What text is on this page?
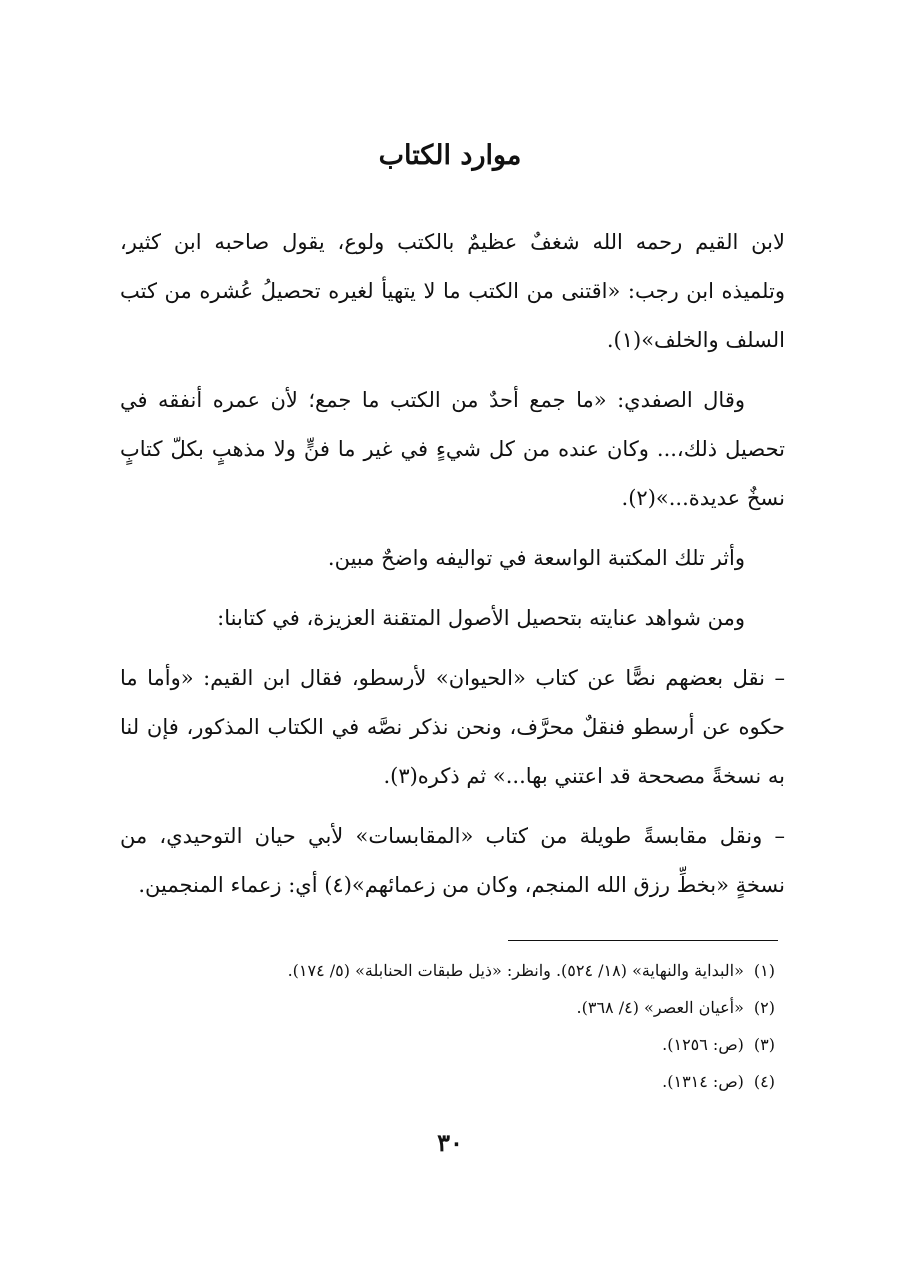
موارد الكتاب

لابن القيم رحمه الله شغفٌ عظيمٌ بالكتب ولوع، يقول صاحبه ابن كثير، وتلميذه ابن رجب: «اقتنى من الكتب ما لا يتهيأ لغيره تحصيلُ عُشره من كتب السلف والخلف»(١).

وقال الصفدي: «ما جمع أحدٌ من الكتب ما جمع؛ لأن عمره أنفقه في تحصيل ذلك،... وكان عنده من كل شيءٍ في غير ما فنٍّ ولا مذهبٍ بكلّ كتابٍ نسخٌ عديدة...»(٢).

وأثر تلك المكتبة الواسعة في تواليفه واضحٌ مبين.

ومن شواهد عنايته بتحصيل الأصول المتقنة العزيزة، في كتابنا:

– نقل بعضهم نصًّا عن كتاب «الحيوان» لأرسطو، فقال ابن القيم: «وأما ما حكوه عن أرسطو فنقلٌ محرَّف، ونحن نذكر نصَّه في الكتاب المذكور، فإن لنا به نسخةً مصححة قد اعتني بها...» ثم ذكره(٣).

– ونقل مقابسةً طويلة من كتاب «المقابسات» لأبي حيان التوحيدي، من نسخةٍ «بخطِّ رزق الله المنجم، وكان من زعمائهم»(٤) أي: زعماء المنجمين.

(١)«البداية والنهاية» (١٨/ ٥٢٤). وانظر: «ذيل طبقات الحنابلة» (٥/ ١٧٤).
(٢)«أعيان العصر» (٤/ ٣٦٨).
(٣)(ص: ١٢٥٦).
(٤)(ص: ١٣١٤).
٣٠
